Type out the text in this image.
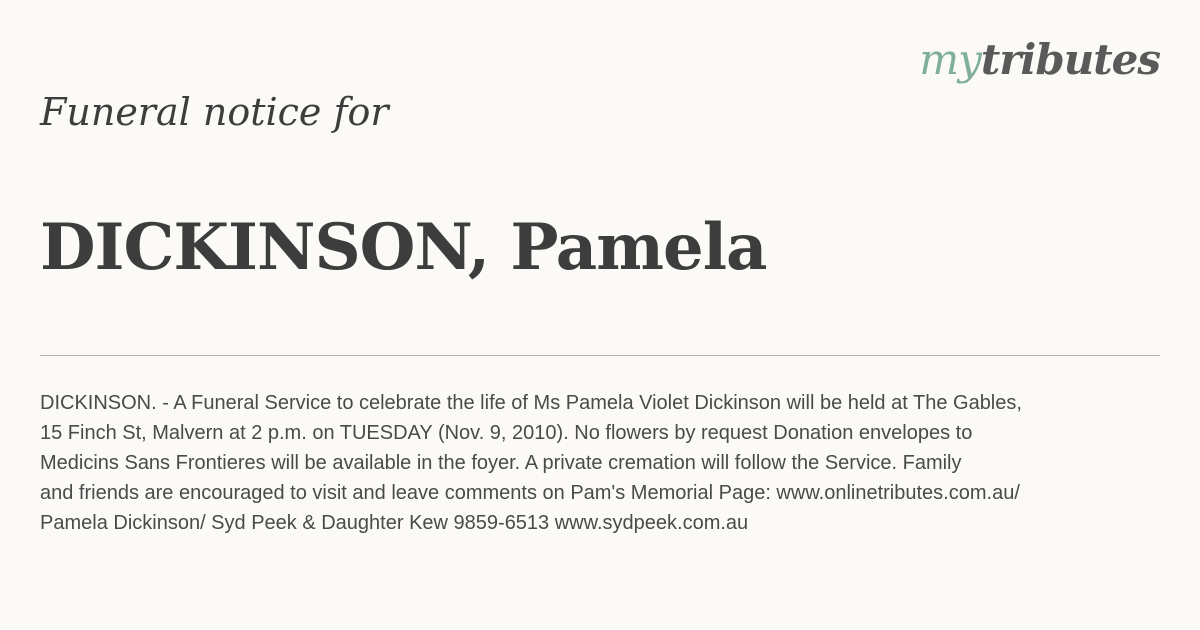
mytributes
Funeral notice for
DICKINSON, Pamela
DICKINSON. - A Funeral Service to celebrate the life of Ms Pamela Violet Dickinson will be held at The Gables,
15 Finch St, Malvern at 2 p.m. on TUESDAY (Nov. 9, 2010). No flowers by request Donation envelopes to
Medicins Sans Frontieres will be available in the foyer. A private cremation will follow the Service. Family
and friends are encouraged to visit and leave comments on Pam's Memorial Page: www.onlinetributes.com.au/
Pamela Dickinson/ Syd Peek & Daughter Kew 9859-6513 www.sydpeek.com.au
